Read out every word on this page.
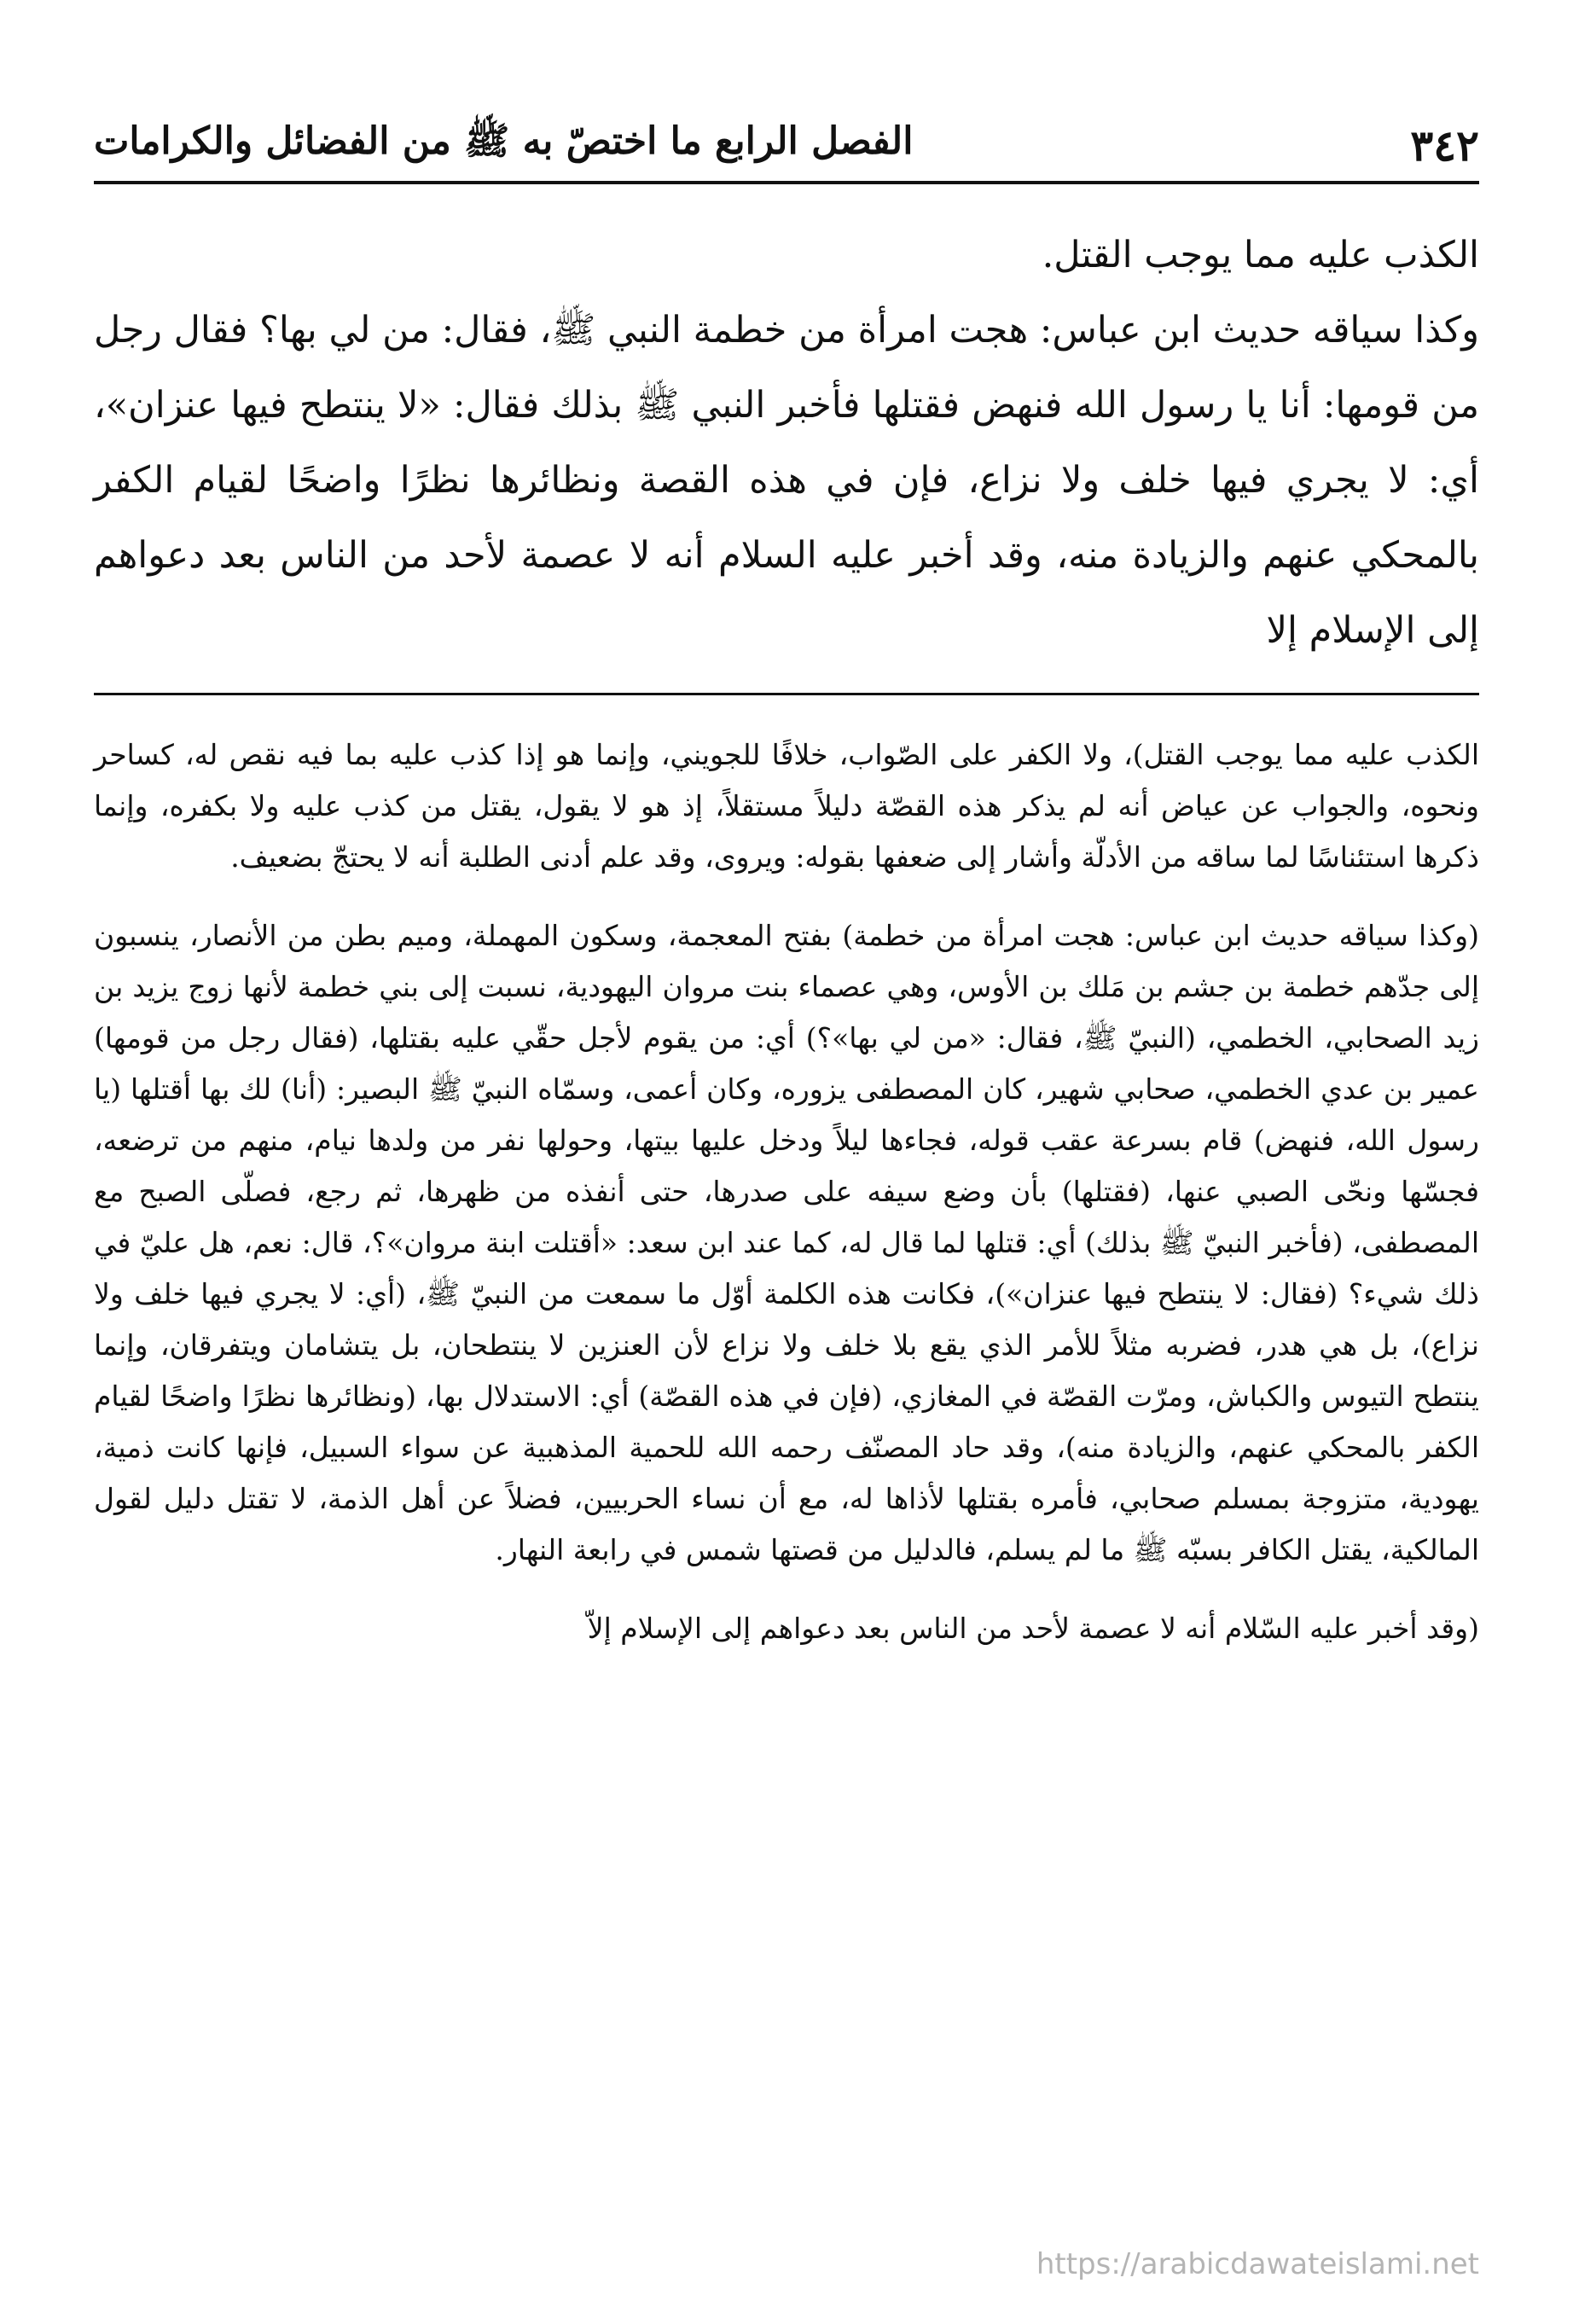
٣٤٢
الفصل الرابع ما اختصّ به ﷺ من الفضائل والكرامات

الكذب عليه مما يوجب القتل.

وكذا سياقه حديث ابن عباس: هجت امرأة من خطمة النبي ﷺ، فقال: من لي بها؟ فقال رجل من قومها: أنا يا رسول الله فنهض فقتلها فأخبر النبي ﷺ بذلك فقال: «لا ينتطح فيها عنزان»، أي: لا يجري فيها خلف ولا نزاع، فإن في هذه القصة ونظائرها نظرًا واضحًا لقيام الكفر بالمحكي عنهم والزيادة منه، وقد أخبر عليه السلام أنه لا عصمة لأحد من الناس بعد دعواهم إلى الإسلام إلا

الكذب عليه مما يوجب القتل)، ولا الكفر على الصّواب، خلافًا للجويني، وإنما هو إذا كذب عليه بما فيه نقص له، كساحر ونحوه، والجواب عن عياض أنه لم يذكر هذه القصّة دليلاً مستقلاً، إذ هو لا يقول، يقتل من كذب عليه ولا بكفره، وإنما ذكرها استئناسًا لما ساقه من الأدلّة وأشار إلى ضعفها بقوله: ويروى، وقد علم أدنى الطلبة أنه لا يحتجّ بضعيف.

(وكذا سياقه حديث ابن عباس: هجت امرأة من خطمة) بفتح المعجمة، وسكون المهملة، وميم بطن من الأنصار، ينسبون إلى جدّهم خطمة بن جشم بن مَلك بن الأوس، وهي عصماء بنت مروان اليهودية، نسبت إلى بني خطمة لأنها زوج يزيد بن زيد الصحابي، الخطمي، (النبيّ ﷺ، فقال: «من لي بها»؟) أي: من يقوم لأجل حقّي عليه بقتلها، (فقال رجل من قومها) عمير بن عدي الخطمي، صحابي شهير، كان المصطفى يزوره، وكان أعمى، وسمّاه النبيّ ﷺ البصير: (أنا) لك بها أقتلها (يا رسول الله، فنهض) قام بسرعة عقب قوله، فجاءها ليلاً ودخل عليها بيتها، وحولها نفر من ولدها نيام، منهم من ترضعه، فجسّها ونحّى الصبي عنها، (فقتلها) بأن وضع سيفه على صدرها، حتى أنفذه من ظهرها، ثم رجع، فصلّى الصبح مع المصطفى، (فأخبر النبيّ ﷺ بذلك) أي: قتلها لما قال له، كما عند ابن سعد: «أقتلت ابنة مروان»؟، قال: نعم، هل عليّ في ذلك شيء؟ (فقال: لا ينتطح فيها عنزان»)، فكانت هذه الكلمة أوّل ما سمعت من النبيّ ﷺ، (أي: لا يجري فيها خلف ولا نزاع)، بل هي هدر، فضربه مثلاً للأمر الذي يقع بلا خلف ولا نزاع لأن العنزين لا ينتطحان، بل يتشامان ويتفرقان، وإنما ينتطح التيوس والكباش، ومرّت القصّة في المغازي، (فإن في هذه القصّة) أي: الاستدلال بها، (ونظائرها نظرًا واضحًا لقيام الكفر بالمحكي عنهم، والزيادة منه)، وقد حاد المصنّف رحمه الله للحمية المذهبية عن سواء السبيل، فإنها كانت ذمية، يهودية، متزوجة بمسلم صحابي، فأمره بقتلها لأذاها له، مع أن نساء الحربيين، فضلاً عن أهل الذمة، لا تقتل دليل لقول المالكية، يقتل الكافر بسبّه ﷺ ما لم يسلم، فالدليل من قصتها شمس في رابعة النهار.

(وقد أخبر عليه السّلام أنه لا عصمة لأحد من الناس بعد دعواهم إلى الإسلام إلاّ

https://arabicdawateislami.net
